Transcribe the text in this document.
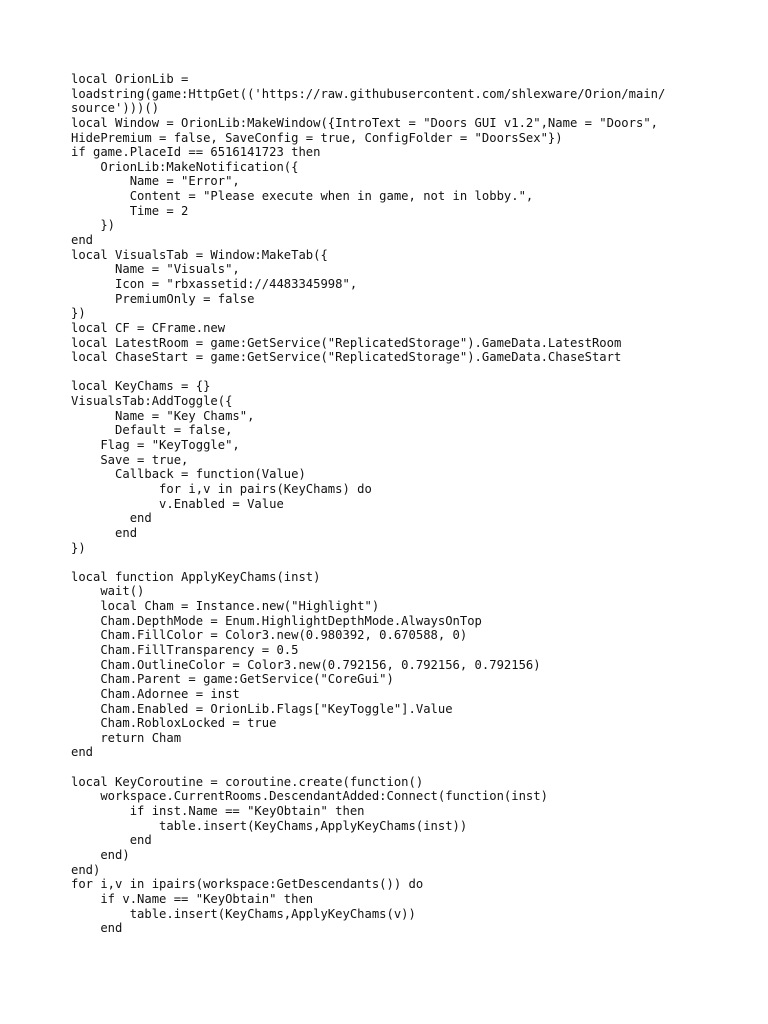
local OrionLib =
loadstring(game:HttpGet(('https://raw.githubusercontent.com/shlexware/Orion/main/
source')))()
local Window = OrionLib:MakeWindow({IntroText = "Doors GUI v1.2",Name = "Doors",
HidePremium = false, SaveConfig = true, ConfigFolder = "DoorsSex"})
if game.PlaceId == 6516141723 then
OrionLib:MakeNotification({
Name = "Error",
Content = "Please execute when in game, not in lobby.",
Time = 2
})
end
local VisualsTab = Window:MakeTab({
Name = "Visuals",
Icon = "rbxassetid://4483345998",
PremiumOnly = false
})
local CF = CFrame.new
local LatestRoom = game:GetService("ReplicatedStorage").GameData.LatestRoom
local ChaseStart = game:GetService("ReplicatedStorage").GameData.ChaseStart
local KeyChams = {}
VisualsTab:AddToggle({
Name = "Key Chams",
Default = false,
Flag = "KeyToggle",
Save = true,
Callback = function(Value)
for i,v in pairs(KeyChams) do
v.Enabled = Value
end
end
})
local function ApplyKeyChams(inst)
wait()
local Cham = Instance.new("Highlight")
Cham.DepthMode = Enum.HighlightDepthMode.AlwaysOnTop
Cham.FillColor = Color3.new(0.980392, 0.670588, 0)
Cham.FillTransparency = 0.5
Cham.OutlineColor = Color3.new(0.792156, 0.792156, 0.792156)
Cham.Parent = game:GetService("CoreGui")
Cham.Adornee = inst
Cham.Enabled = OrionLib.Flags["KeyToggle"].Value
Cham.RobloxLocked = true
return Cham
end
local KeyCoroutine = coroutine.create(function()
workspace.CurrentRooms.DescendantAdded:Connect(function(inst)
if inst.Name == "KeyObtain" then
table.insert(KeyChams,ApplyKeyChams(inst))
end
end)
end)
for i,v in ipairs(workspace:GetDescendants()) do
if v.Name == "KeyObtain" then
table.insert(KeyChams,ApplyKeyChams(v))
end
